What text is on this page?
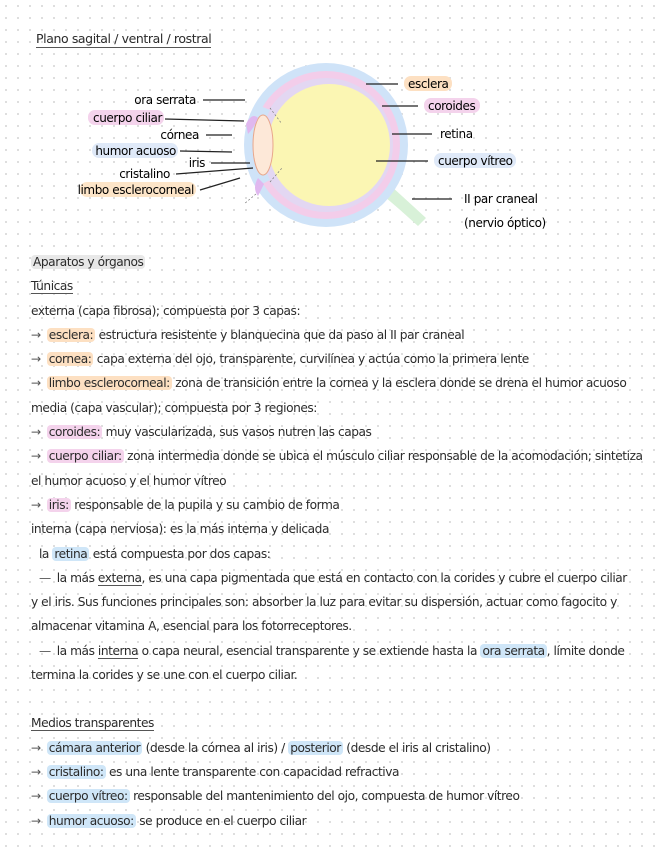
Plano sagital / ventral / rostral
ora serrata
cuerpo ciliar
córnea
humor acuoso
iris
cristalino
limbo esclerocorneal
esclera
coroides
retina
cuerpo vítreo
II par craneal
(nervio óptico)
Aparatos y órganos
Túnicas
externa (capa fibrosa); compuesta por 3 capas:
→ esclera: estructura resistente y blanquecina que da paso al II par craneal
→ cornea: capa externa del ojo, transparente, curvilínea y actúa como la primera lente
→ limbo esclerocorneal: zona de transición entre la cornea y la esclera donde se drena el humor acuoso
media (capa vascular); compuesta por 3 regiones:
→ coroides: muy vascularizada, sus vasos nutren las capas
→ cuerpo ciliar: zona intermedia donde se ubica el músculo ciliar responsable de la acomodación; sintetiza
el humor acuoso y el humor vítreo
→ iris: responsable de la pupila y su cambio de forma
interna (capa nerviosa): es la más interna y delicada
la retina está compuesta por dos capas:
— la más externa, es una capa pigmentada que está en contacto con la corides y cubre el cuerpo ciliar y el iris. Sus funciones principales son: absorber la luz para evitar su dispersión, actuar como fagocito y almacenar vitamina A, esencial para los fotorreceptores.
— la más interna o capa neural, esencial transparente y se extiende hasta la ora serrata , límite donde termina la corides y se une con el cuerpo ciliar.
Medios transparentes
→ cámara anterior (desde la córnea al iris) / posterior (desde el iris al cristalino)
→ cristalino: es una lente transparente con capacidad refractiva
→ cuerpo vítreo: responsable del mantenimiento del ojo, compuesta de humor vítreo
→ humor acuoso: se produce en el cuerpo ciliar
